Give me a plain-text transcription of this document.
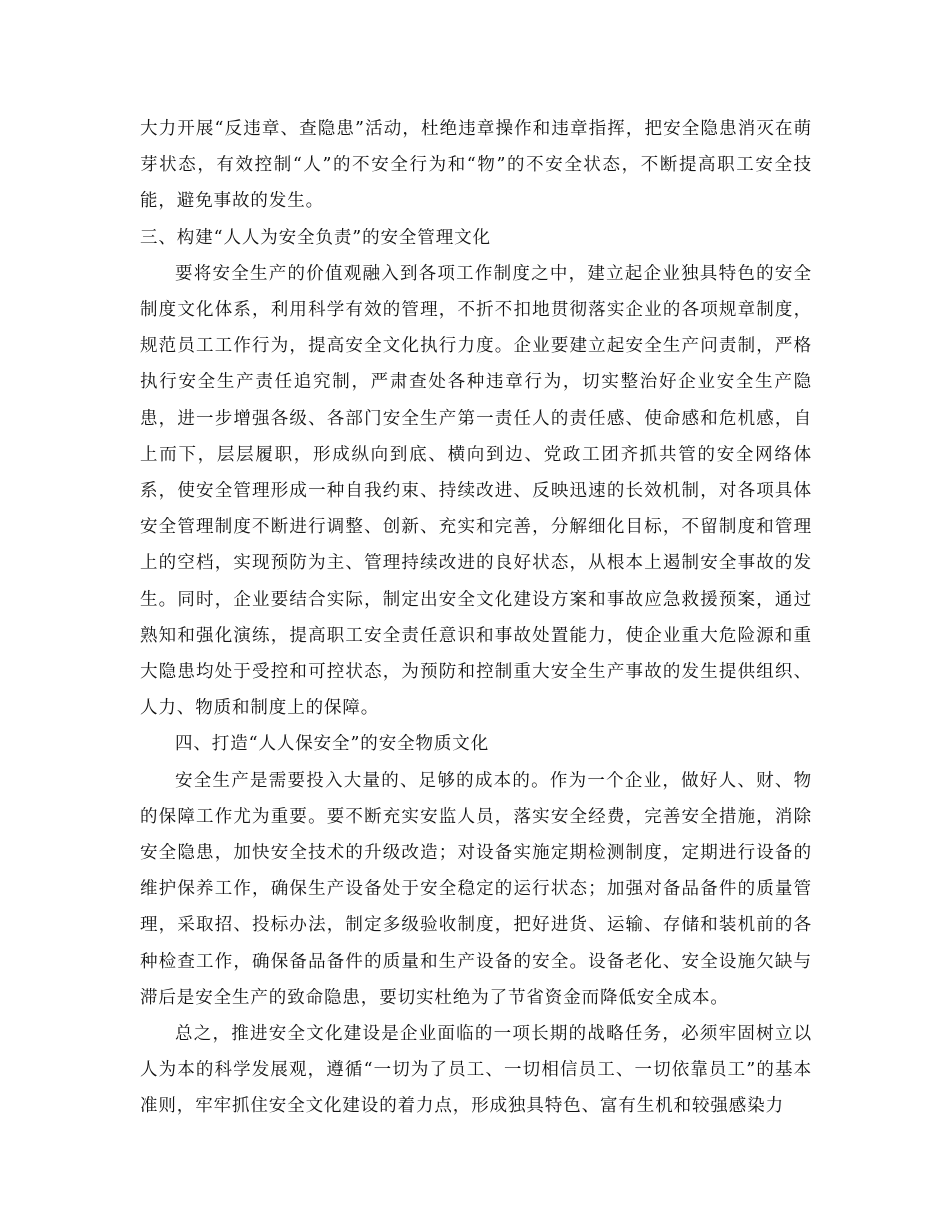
大力开展“反违章、查隐患”活动，杜绝违章操作和违章指挥，把安全隐患消灭在萌芽状态，有效控制“人”的不安全行为和“物”的不安全状态，不断提高职工安全技能，避免事故的发生。

三、构建“人人为安全负责”的安全管理文化

要将安全生产的价值观融入到各项工作制度之中，建立起企业独具特色的安全制度文化体系，利用科学有效的管理，不折不扣地贯彻落实企业的各项规章制度，规范员工工作行为，提高安全文化执行力度。企业要建立起安全生产问责制，严格执行安全生产责任追究制，严肃查处各种违章行为，切实整治好企业安全生产隐患，进一步增强各级、各部门安全生产第一责任人的责任感、使命感和危机感，自上而下，层层履职，形成纵向到底、横向到边、党政工团齐抓共管的安全网络体系，使安全管理形成一种自我约束、持续改进、反映迅速的长效机制，对各项具体安全管理制度不断进行调整、创新、充实和完善，分解细化目标，不留制度和管理上的空档，实现预防为主、管理持续改进的良好状态，从根本上遏制安全事故的发生。同时，企业要结合实际，制定出安全文化建设方案和事故应急救援预案，通过熟知和强化演练，提高职工安全责任意识和事故处置能力，使企业重大危险源和重大隐患均处于受控和可控状态，为预防和控制重大安全生产事故的发生提供组织、人力、物质和制度上的保障。

四、打造“人人保安全”的安全物质文化

安全生产是需要投入大量的、足够的成本的。作为一个企业，做好人、财、物的保障工作尤为重要。要不断充实安监人员，落实安全经费，完善安全措施，消除安全隐患，加快安全技术的升级改造；对设备实施定期检测制度，定期进行设备的维护保养工作，确保生产设备处于安全稳定的运行状态；加强对备品备件的质量管理，采取招、投标办法，制定多级验收制度，把好进货、运输、存储和装机前的各种检查工作，确保备品备件的质量和生产设备的安全。设备老化、安全设施欠缺与滞后是安全生产的致命隐患，要切实杜绝为了节省资金而降低安全成本。

总之，推进安全文化建设是企业面临的一项长期的战略任务，必须牢固树立以人为本的科学发展观，遵循“一切为了员工、一切相信员工、一切依靠员工”的基本准则，牢牢抓住安全文化建设的着力点，形成独具特色、富有生机和较强感染力
